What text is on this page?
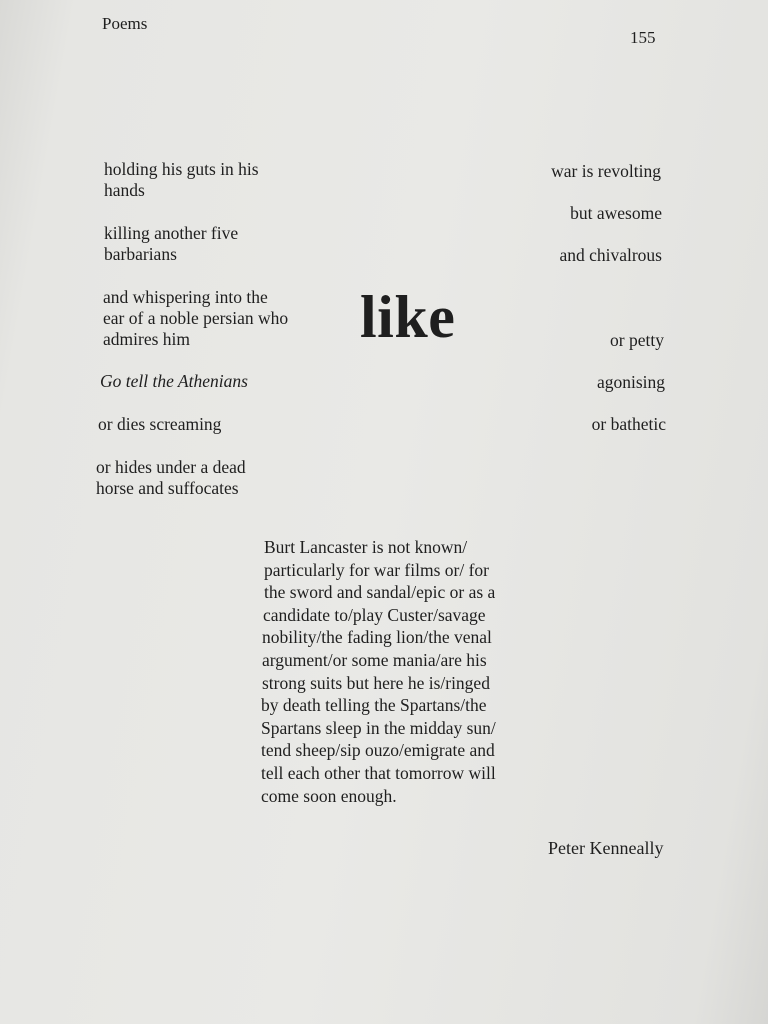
Poems
155
holding his guts in his
hands
killing another five
barbarians
and whispering into the
ear of a noble persian who
admires him
Go tell the Athenians
or dies screaming
or hides under a dead
horse and suffocates
like
war is revolting
but awesome
and chivalrous
or petty
agonising
or bathetic
Burt Lancaster is not known/
particularly for war films or/ for
the sword and sandal/epic or as a
candidate to/play Custer/savage
nobility/the fading lion/the venal
argument/or some mania/are his
strong suits but here he is/ringed
by death telling the Spartans/the
Spartans sleep in the midday sun/
tend sheep/sip ouzo/emigrate and
tell each other that tomorrow will
come soon enough.
Peter Kenneally
